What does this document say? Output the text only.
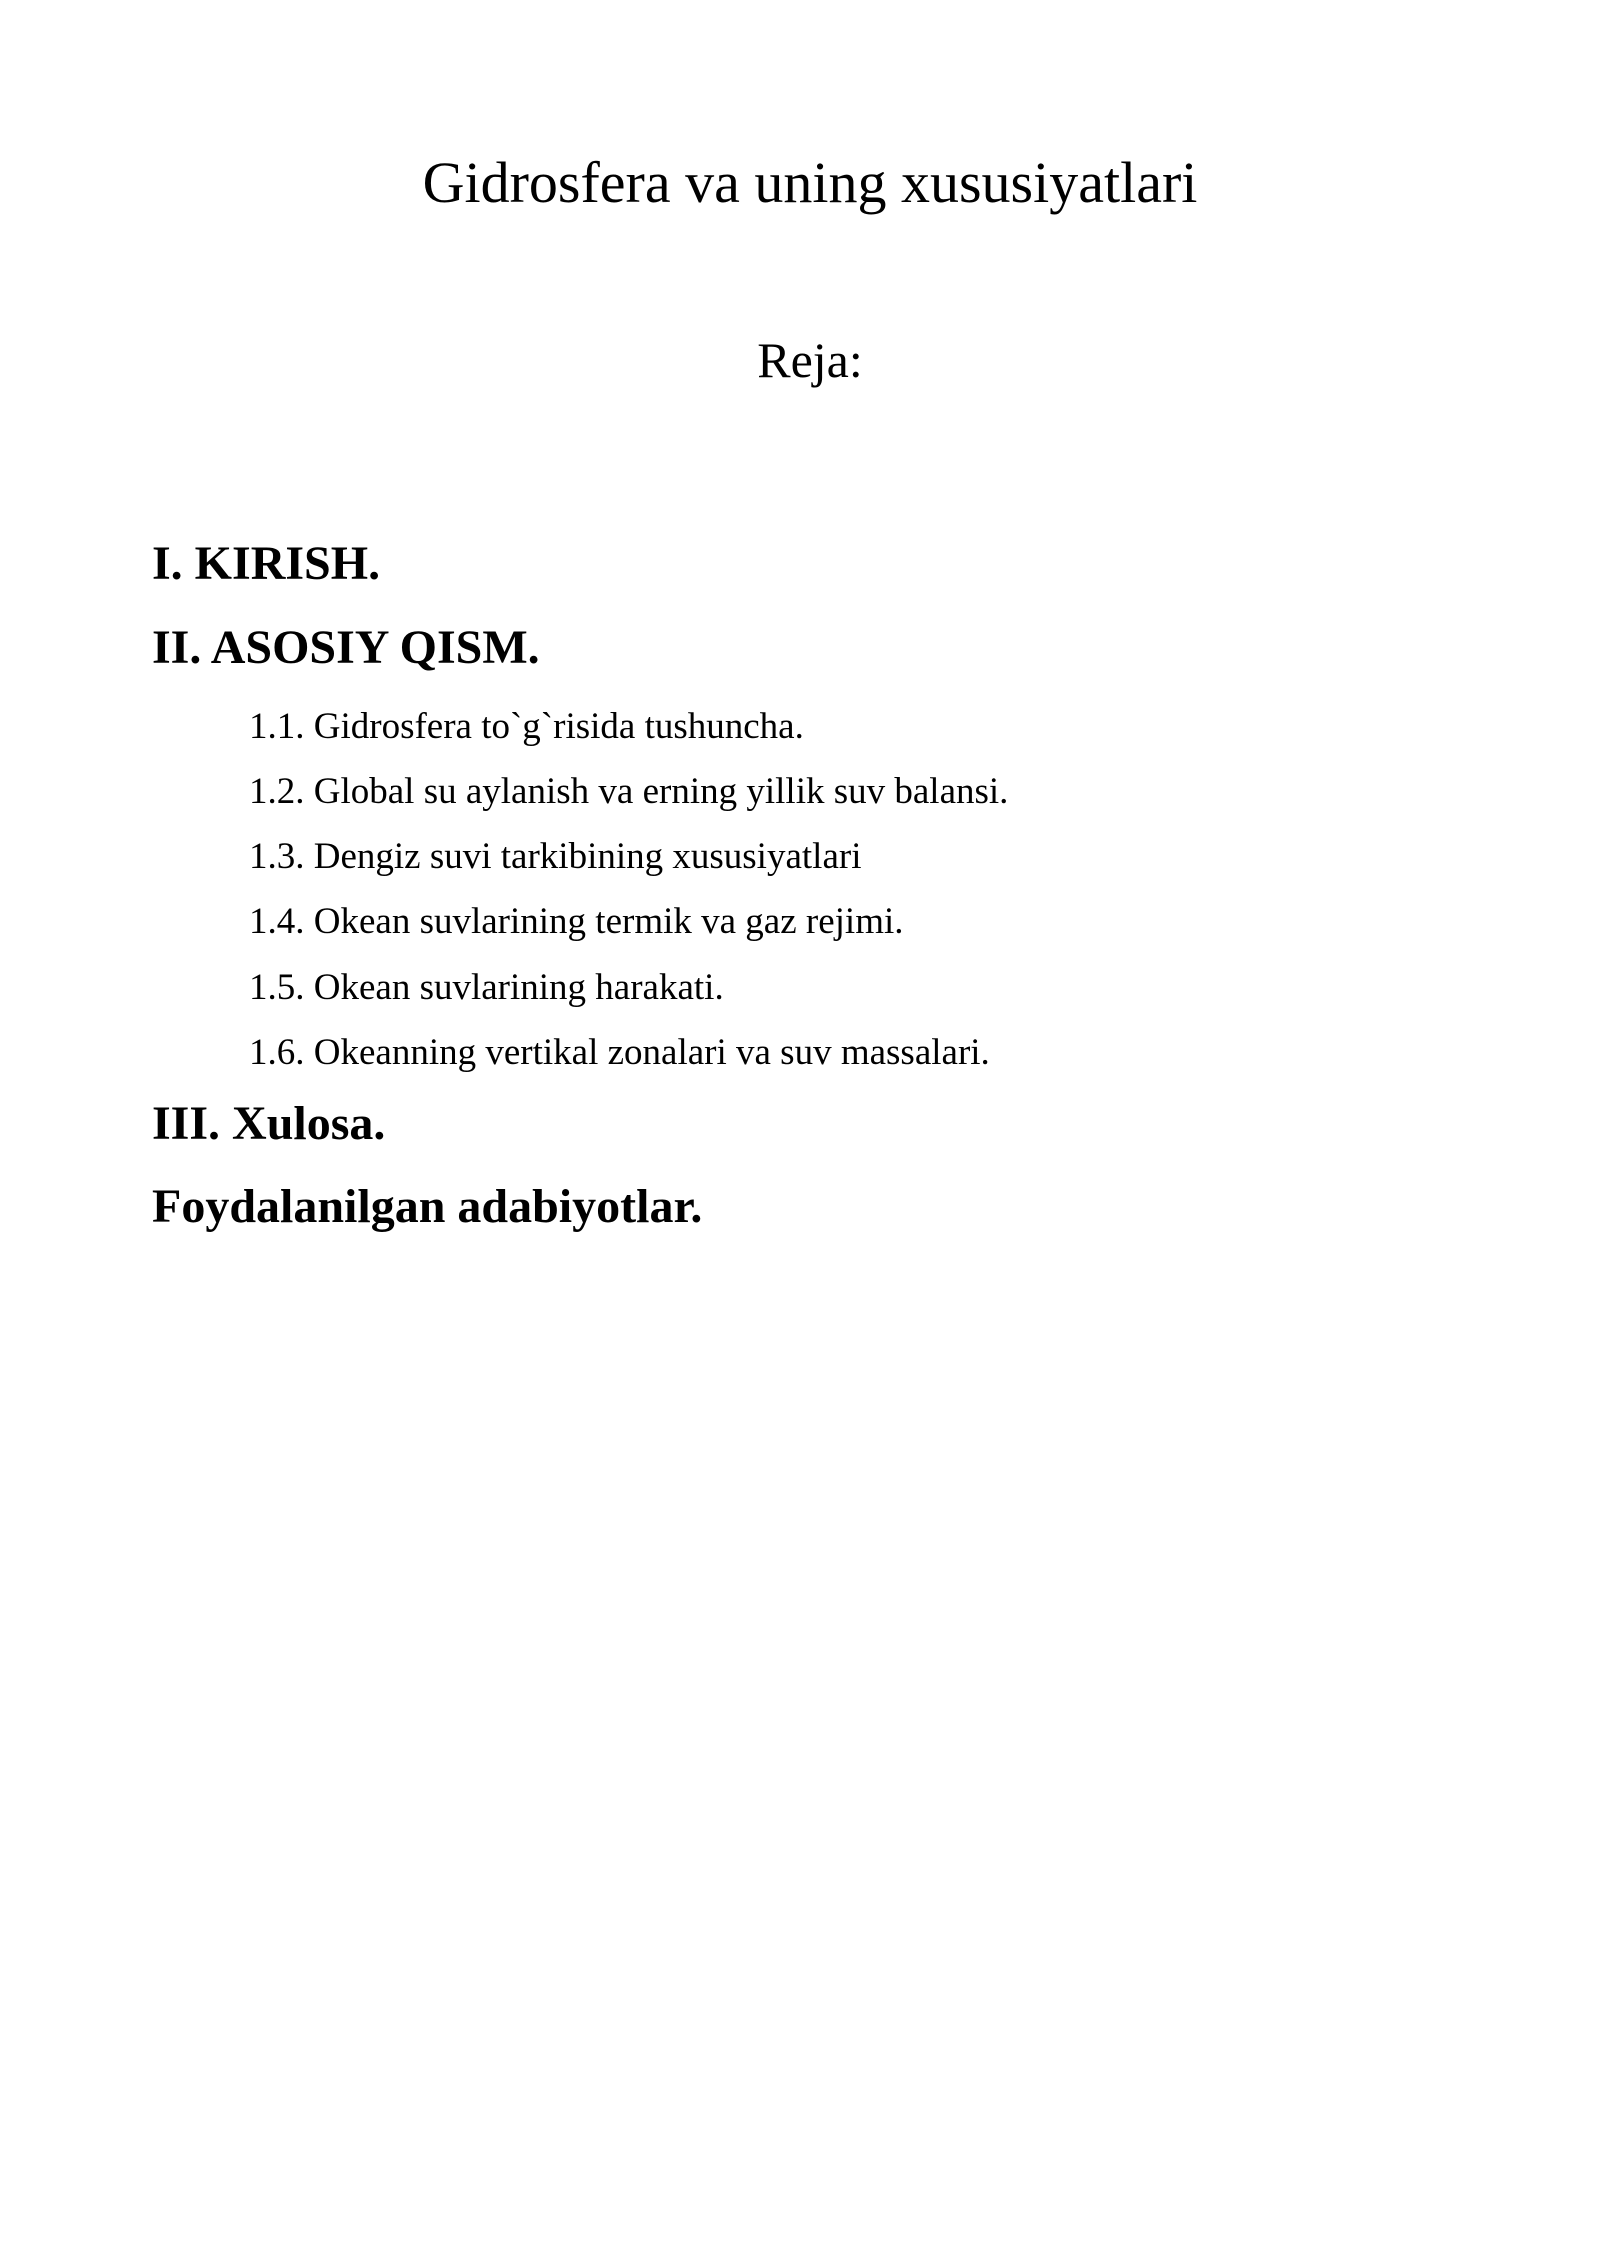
Gidrosfera va uning xususiyatlari
Reja:

I. KIRISH.

II. ASOSIY QISM.

1.1. Gidrosfera to`g`risida tushuncha.

1.2. Global su aylanish va erning yillik suv balansi.

1.3. Dengiz suvi tarkibining xususiyatlari

1.4. Okean suvlarining termik va gaz rejimi.

1.5. Okean suvlarining harakati.

1.6. Okeanning vertikal zonalari va suv massalari.

III. Xulosa.

Foydalanilgan adabiyotlar.
